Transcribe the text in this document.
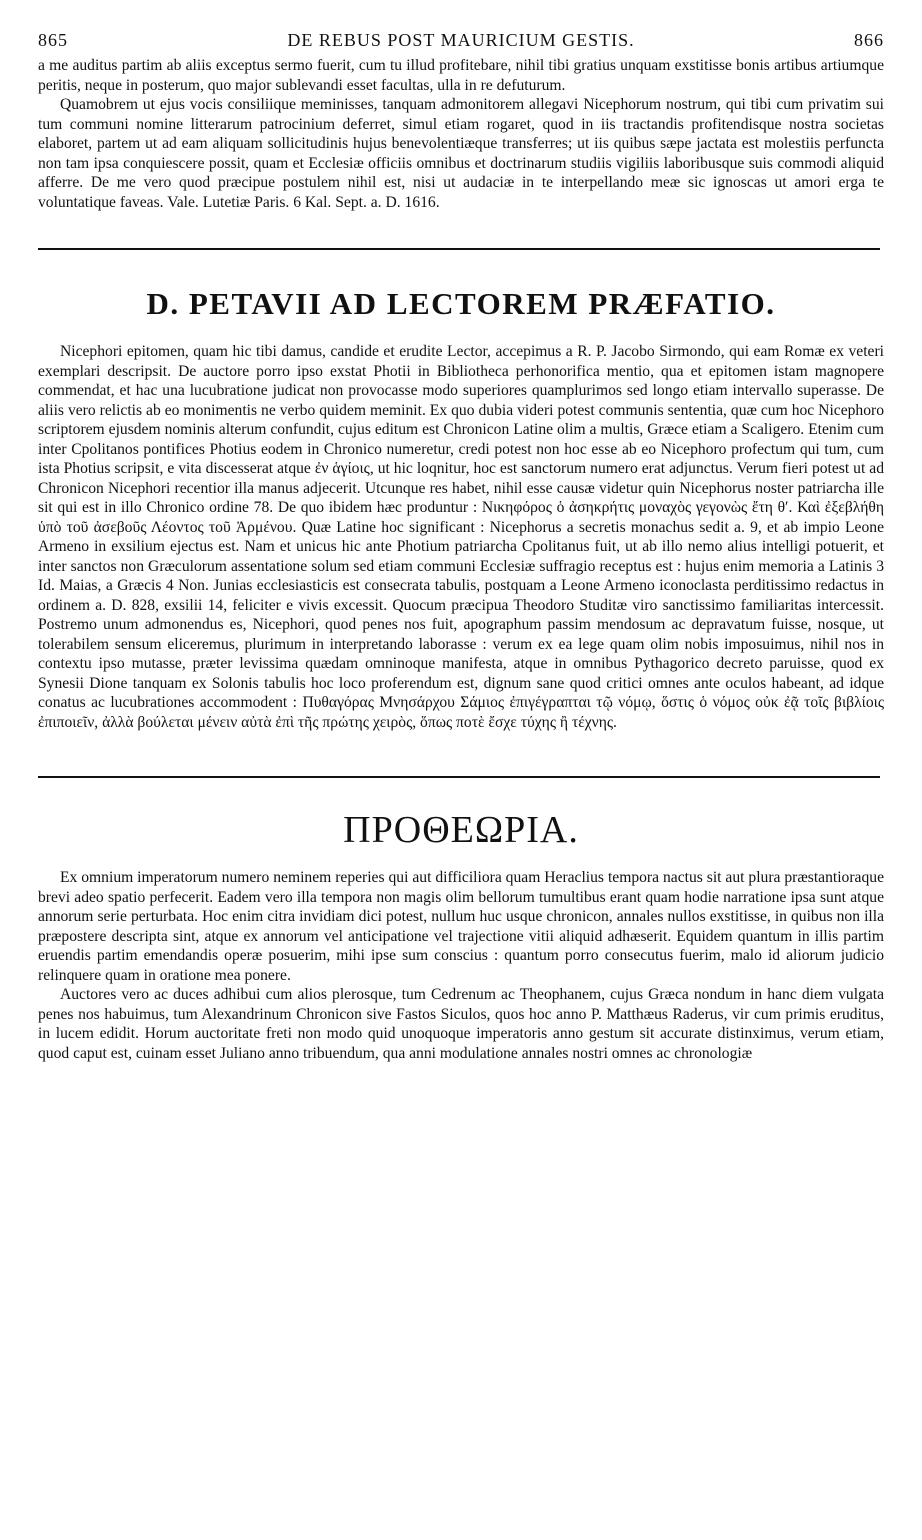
865	DE REBUS POST MAURICIUM GESTIS.	866

a me auditus partim ab aliis exceptus sermo fuerit, cum tu illud profitebare, nihil tibi gratius unquam exstitisse bonis artibus artiumque peritis, neque in posterum, quo major sublevandi esset facultas, ulla in re defuturum.

Quamobrem ut ejus vocis consiliique meminisses, tanquam admonitorem allegavi Nicephorum nostrum, qui tibi cum privatim sui tum communi nomine litterarum patrocinium deferret, simul etiam rogaret, quod in iis tractandis profitendisque nostra societas elaboret, partem ut ad eam aliquam sollicitudinis hujus benevolentiæque transferres; ut iis quibus sæpe jactata est molestiis perfuncta non tam ipsa conquiescere possit, quam et Ecclesiæ officiis omnibus et doctrinarum studiis vigiliis laboribusque suis commodi aliquid afferre. De me vero quod præcipue postulem nihil est, nisi ut audaciæ in te interpellando meæ sic ignoscas ut amori erga te voluntatique faveas. Vale. Lutetiæ Paris. 6 Kal. Sept. a. D. 1616.

D. PETAVII AD LECTOREM PRÆFATIO.

Nicephori epitomen, quam hic tibi damus, candide et erudite Lector, accepimus a R. P. Jacobo Sirmondo, qui eam Romæ ex veteri exemplari descripsit. De auctore porro ipso exstat Photii in Bibliotheca perhonorifica mentio, qua et epitomen istam magnopere commendat, et hac una lucubratione judicat non provocasse modo superiores quamplurimos sed longo etiam intervallo superasse. De aliis vero relictis ab eo monimentis ne verbo quidem meminit. Ex quo dubia videri potest communis sententia, quæ cum hoc Nicephoro scriptorem ejusdem nominis alterum confundit, cujus editum est Chronicon Latine olim a multis, Græce etiam a Scaligero. Etenim cum inter Cpolitanos pontifices Photius eodem in Chronico numeretur, credi potest non hoc esse ab eo Nicephoro profectum qui tum, cum ista Photius scripsit, e vita discesserat atque ἐν ἁγίοις, ut hic loqnitur, hoc est sanctorum numero erat adjunctus. Verum fieri potest ut ad Chronicon Nicephori recentior illa manus adjecerit. Utcunque res habet, nihil esse causæ videtur quin Nicephorus noster patriarcha ille sit qui est in illo Chronico ordine 78. De quo ibidem hæc produntur : Νικηφόρος ὁ ἀσηκρήτις μοναχὸς γεγονὼς ἔτη θ′. Καὶ ἐξεβλήθη ὑπὸ τοῦ ἀσεβοῦς Λέοντος τοῦ Ἀρμένου. Quæ Latine hoc significant : Nicephorus a secretis monachus sedit a. 9, et ab impio Leone Armeno in exsilium ejectus est. Nam et unicus hic ante Photium patriarcha Cpolitanus fuit, ut ab illo nemo alius intelligi potuerit, et inter sanctos non Græculorum assentatione solum sed etiam communi Ecclesiæ suffragio receptus est : hujus enim memoria a Latinis 3 Id. Maias, a Græcis 4 Non. Junias ecclesiasticis est consecrata tabulis, postquam a Leone Armeno iconoclasta perditissimo redactus in ordinem a. D. 828, exsilii 14, feliciter e vivis excessit. Quocum præcipua Theodoro Studitæ viro sanctissimo familiaritas intercessit. Postremo unum admonendus es, Nicephori, quod penes nos fuit, apographum passim mendosum ac depravatum fuisse, nosque, ut tolerabilem sensum eliceremus, plurimum in interpretando laborasse : verum ex ea lege quam olim nobis imposuimus, nihil nos in contextu ipso mutasse, præter levissima quædam omninoque manifesta, atque in omnibus Pythagorico decreto paruisse, quod ex Synesii Dione tanquam ex Solonis tabulis hoc loco proferendum est, dignum sane quod critici omnes ante oculos habeant, ad idque conatus ac lucubrationes accommodent : Πυθαγόρας Μνησάρχου Σάμιος ἐπιγέγραπται τῷ νόμῳ, ὅστις ὁ νόμος οὐκ ἐᾷ τοῖς βιβλίοις ἐπιποιεῖν, ἀλλὰ βούλεται μένειν αὐτὰ ἐπὶ τῆς πρώτης χειρὸς, ὅπως ποτὲ ἔσχε τύχης ἢ τέχνης.

ΠΡΟΘΕΩΡΙΑ.

Ex omnium imperatorum numero neminem reperies qui aut difficiliora quam Heraclius tempora nactus sit aut plura præstantioraque brevi adeo spatio perfecerit. Eadem vero illa tempora non magis olim bellorum tumultibus erant quam hodie narratione ipsa sunt atque annorum serie perturbata. Hoc enim citra invidiam dici potest, nullum huc usque chronicon, annales nullos exstitisse, in quibus non illa præpostere descripta sint, atque ex annorum vel anticipatione vel trajectione vitii aliquid adhæserit. Equidem quantum in illis partim eruendis partim emendandis operæ posuerim, mihi ipse sum conscius : quantum porro consecutus fuerim, malo id aliorum judicio relinquere quam in oratione mea ponere.

Auctores vero ac duces adhibui cum alios plerosque, tum Cedrenum ac Theophanem, cujus Græca nondum in hanc diem vulgata penes nos habuimus, tum Alexandrinum Chronicon sive Fastos Siculos, quos hoc anno P. Matthæus Raderus, vir cum primis eruditus, in lucem edidit. Horum auctoritate freti non modo quid unoquoque imperatoris anno gestum sit accurate distinximus, verum etiam, quod caput est, cuinam esset Juliano anno tribuendum, qua anni modulatione annales nostri omnes ac chronologiæ
